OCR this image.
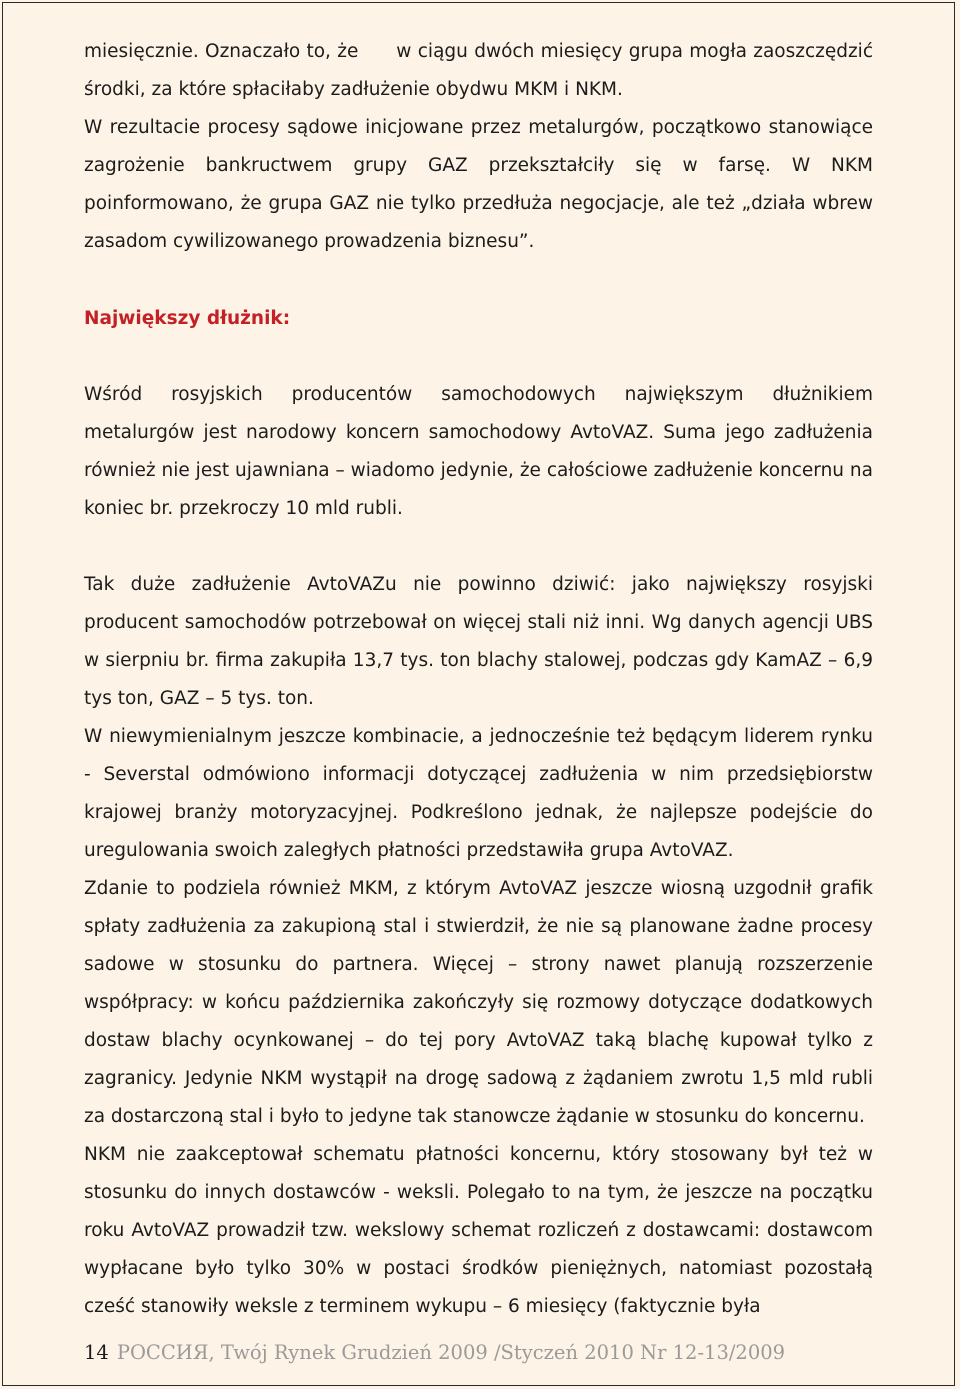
miesięcznie. Oznaczało to, że      w ciągu dwóch miesięcy grupa mogła zaoszczędzić środki, za które spłaciłaby zadłużenie obydwu MKM i NKM.

W rezultacie procesy sądowe inicjowane przez metalurgów, początkowo stanowiące zagrożenie bankructwem grupy GAZ przekształciły się w farsę. W NKM poinformowano, że grupa GAZ nie tylko przedłuża negocjacje, ale też „działa wbrew zasadom cywilizowanego prowadzenia biznesu”.

Największy dłużnik:

Wśród rosyjskich producentów samochodowych największym dłużnikiem metalurgów jest narodowy koncern samochodowy AvtoVAZ. Suma jego zadłużenia również nie jest ujawniana – wiadomo jedynie, że całościowe zadłużenie koncernu na koniec br. przekroczy 10 mld rubli.

Tak duże zadłużenie AvtoVAZu nie powinno dziwić: jako największy rosyjski producent samochodów potrzebował on więcej stali niż inni. Wg danych agencji UBS w sierpniu br. firma zakupiła 13,7 tys. ton blachy stalowej, podczas gdy KamAZ – 6,9 tys ton, GAZ – 5 tys. ton.

W niewymienialnym jeszcze kombinacie, a jednocześnie też będącym liderem rynku - Severstal odmówiono informacji dotyczącej zadłużenia w nim przedsiębiorstw krajowej branży motoryzacyjnej. Podkreślono jednak, że najlepsze podejście do uregulowania swoich zaległych płatności przedstawiła grupa AvtoVAZ.

Zdanie to podziela również MKM, z którym AvtoVAZ jeszcze wiosną uzgodnił grafik spłaty zadłużenia za zakupioną stal i stwierdził, że nie są planowane żadne procesy sadowe w stosunku do partnera. Więcej – strony nawet planują rozszerzenie współpracy: w końcu października zakończyły się rozmowy dotyczące dodatkowych dostaw blachy ocynkowanej – do tej pory AvtoVAZ taką blachę kupował tylko z zagranicy. Jedynie NKM wystąpił na drogę sadową z żądaniem zwrotu 1,5 mld rubli za dostarczoną stal i było to jedyne tak stanowcze żądanie w stosunku do koncernu.

NKM nie zaakceptował schematu płatności koncernu, który stosowany był też w stosunku do innych dostawców - weksli. Polegało to na tym, że jeszcze na początku roku AvtoVAZ prowadził tzw. wekslowy schemat rozliczeń z dostawcami: dostawcom wypłacane było tylko 30% w postaci środków pieniężnych, natomiast pozostałą cześć stanowiły weksle z terminem wykupu – 6 miesięcy (faktycznie była

14 РОССИЯ, Twój Rynek Grudzień 2009 /Styczeń 2010 Nr 12-13/2009
